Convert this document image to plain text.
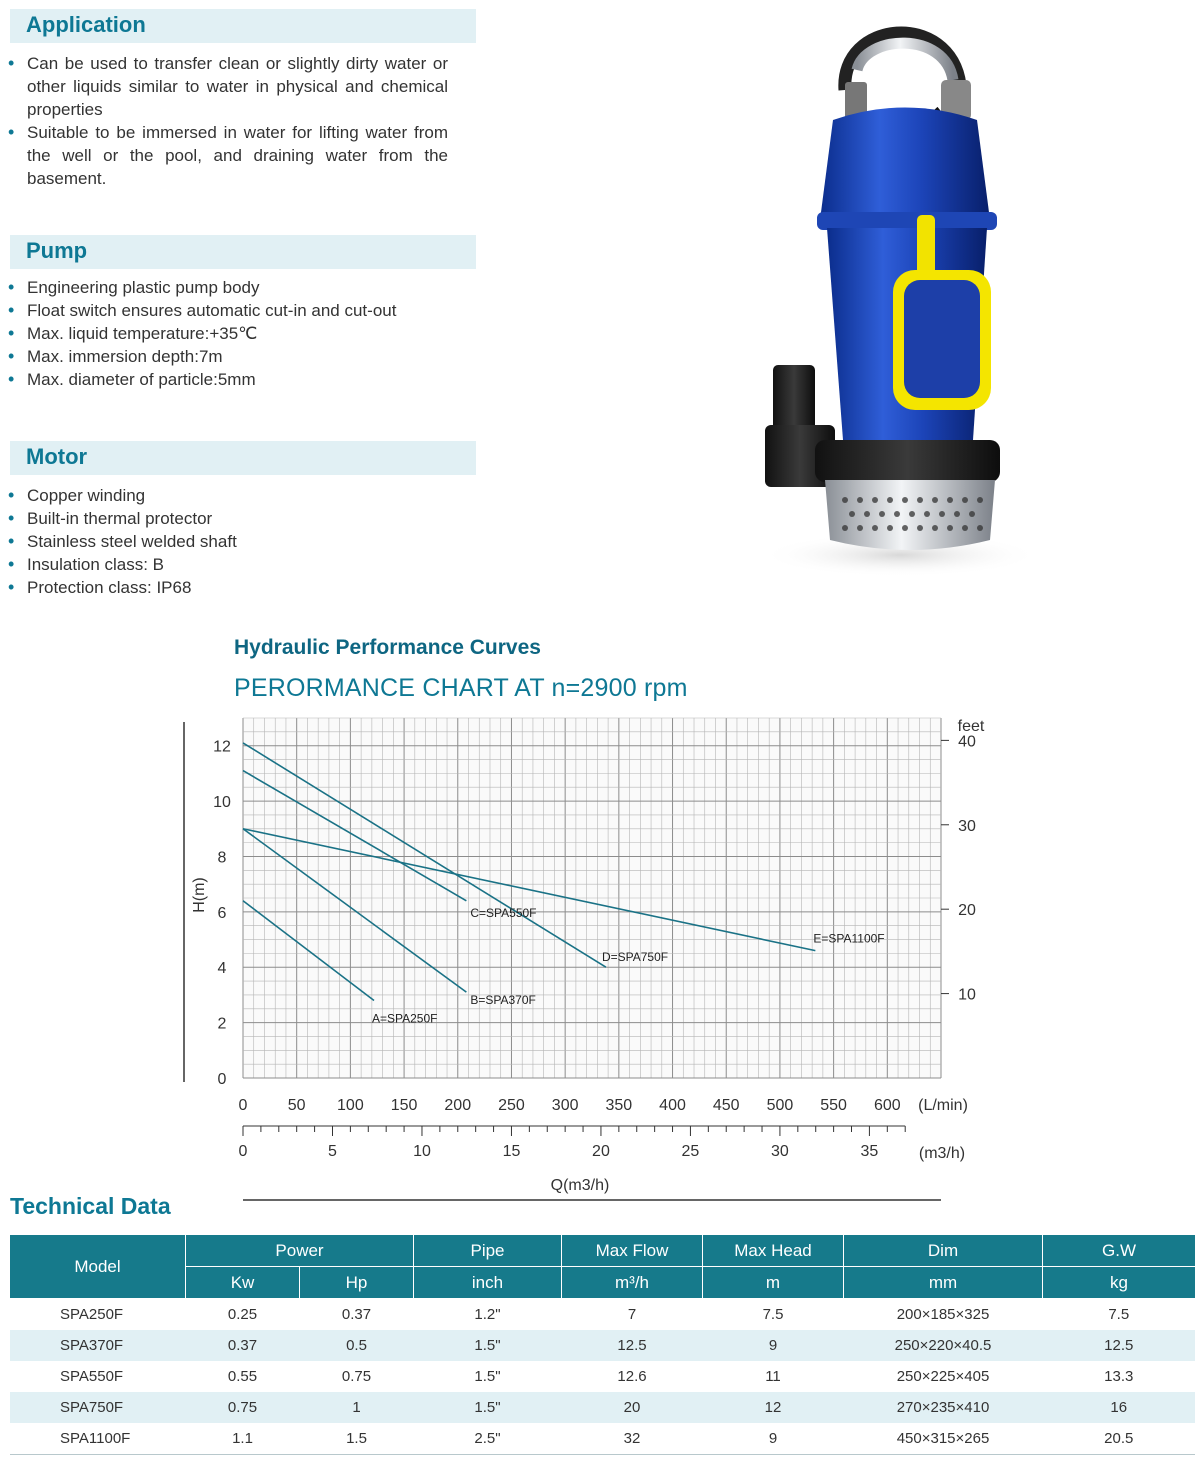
Application
• Can be used to transfer clean or slightly dirty water or other liquids similar to water in physical and chemical properties
• Suitable to be immersed in water for lifting water from the well or the pool, and draining water from the basement.
Pump
• Engineering plastic pump body
• Float switch ensures automatic cut-in and cut-out
• Max. liquid temperature:+35℃
• Max. immersion depth:7m
• Max. diameter of particle:5mm
Motor
• Copper winding
• Built-in thermal protector
• Stainless steel welded shaft
• Insulation class: B
• Protection class: IP68
Hydraulic Performance Curves
PERORMANCE CHART AT n=2900 rpm
0
2
4
6
8
10
12
H(m)
feet
10
20
30
40
0	50 100 150 200 250 300 350 400 450 500 550 600 (L/min)
0	5	10	15	20	25	30	35	(m3/h)
Q(m3/h)
A=SPA250F
B=SPA370F
C=SPA550F
D=SPA750F
E=SPA1100F
Technical Data
Model	Power		Pipe	Max Flow	Max Head	Dim	G.W
	Kw	Hp	inch	m³/h	m	mm	kg
SPA250F	0.25	0.37	1.2"	7	7.5	200×185×325	7.5
SPA370F	0.37	0.5	1.5"	12.5	9	250×220×40.5	12.5
SPA550F	0.55	0.75	1.5"	12.6	11	250×225×405	13.3
SPA750F	0.75	1	1.5"	20	12	270×235×410	16
SPA1100F	1.1	1.5	2.5"	32	9	450×315×265	20.5
